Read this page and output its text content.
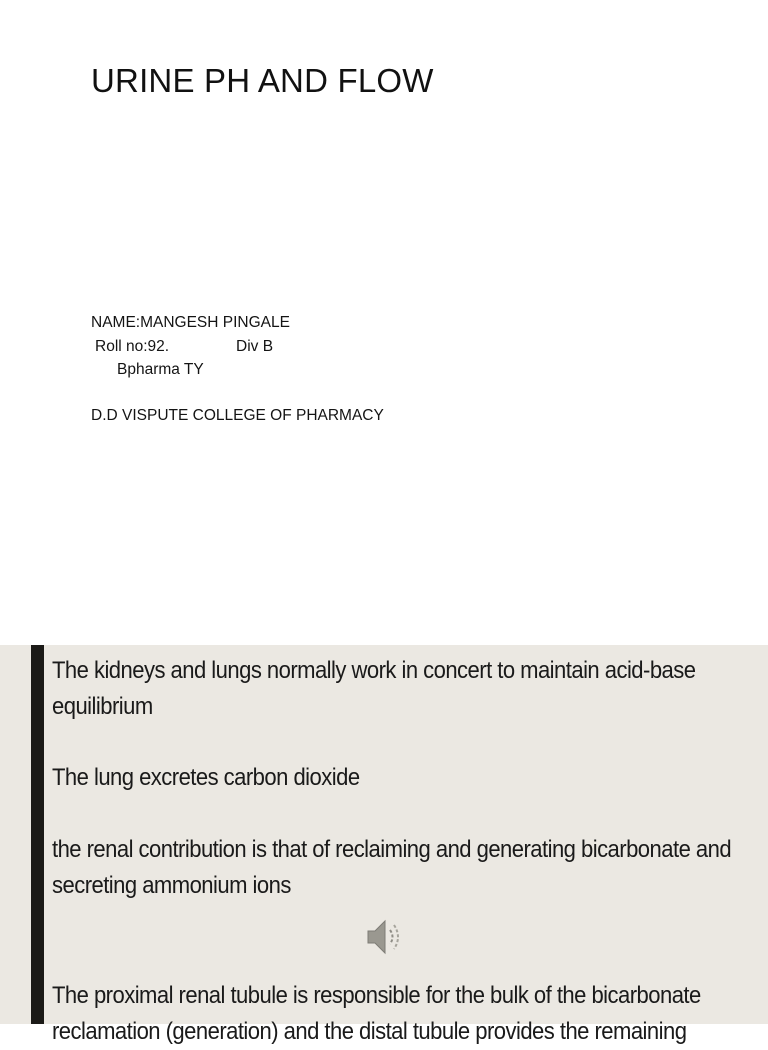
URINE PH AND FLOW
NAME:MANGESH PINGALE
Roll no:92.	Div B
Bpharma TY
D.D VISPUTE COLLEGE OF PHARMACY
The kidneys and lungs normally work in concert to maintain acid-base
equilibrium
The lung excretes carbon dioxide
the renal contribution is that of reclaiming and generating bicarbonate and
secreting ammonium ions
The proximal renal tubule is responsible for the bulk of the bicarbonate
reclamation (generation) and the distal tubule provides the remaining
